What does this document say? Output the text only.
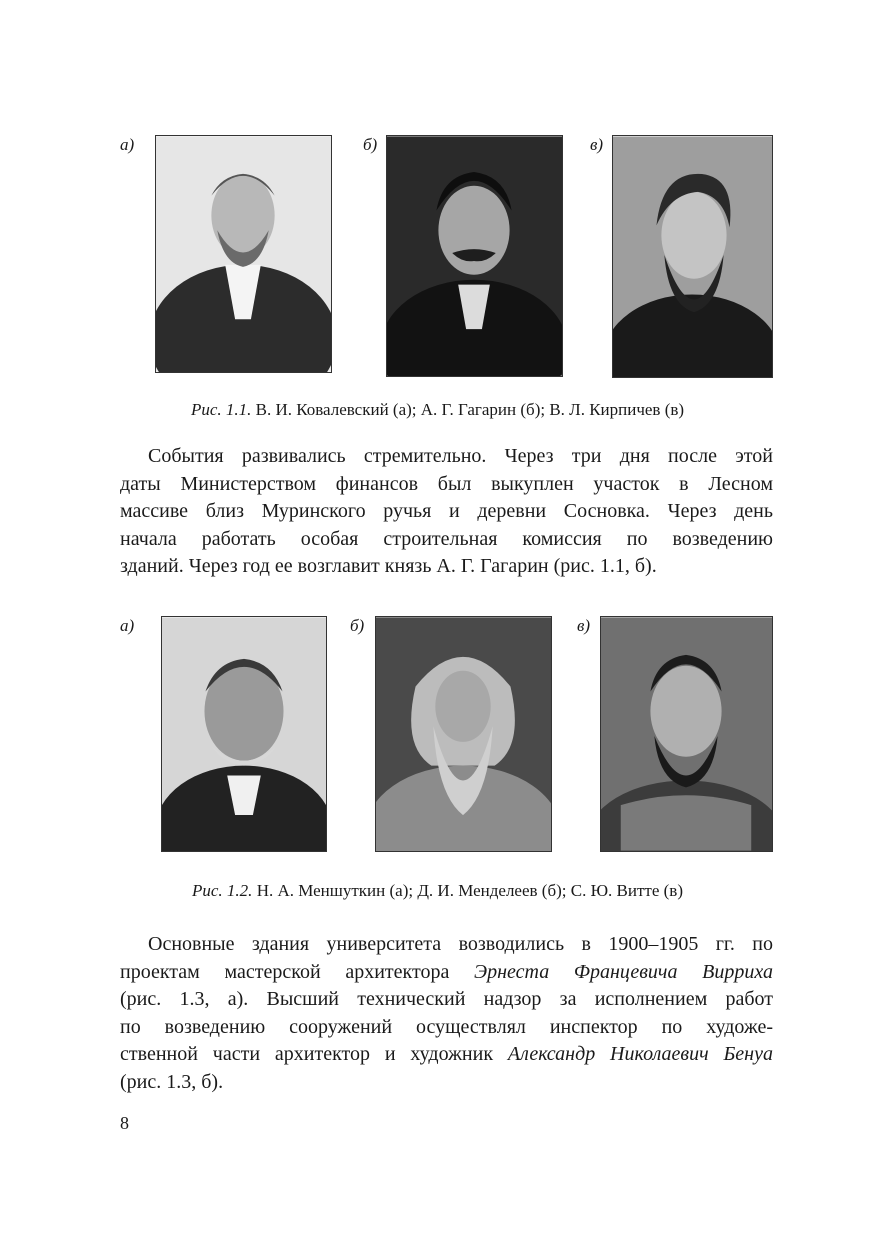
а)	б)	в)
Рис. 1.1. В. И. Ковалевский (а); А. Г. Гагарин (б); В. Л. Кирпичев (в)
События развивались стремительно. Через три дня после этой
даты Министерством финансов был выкуплен участок в Лесном
массиве близ Муринского ручья и деревни Сосновка. Через день
начала работать особая строительная комиссия по возведению
зданий. Через год ее возглавит князь А. Г. Гагарин (рис. 1.1, б).
а)	б)	в)
Рис. 1.2. Н. А. Меншуткин (а); Д. И. Менделеев (б); С. Ю. Витте (в)
Основные здания университета возводились в 1900–1905 гг. по
проектам мастерской архитектора Эрнеста Францевича Вирриха
(рис. 1.3, а). Высший технический надзор за исполнением работ
по возведению сооружений осуществлял инспектор по художе-
ственной части архитектор и художник Александр Николаевич Бенуа
(рис. 1.3, б).
8
